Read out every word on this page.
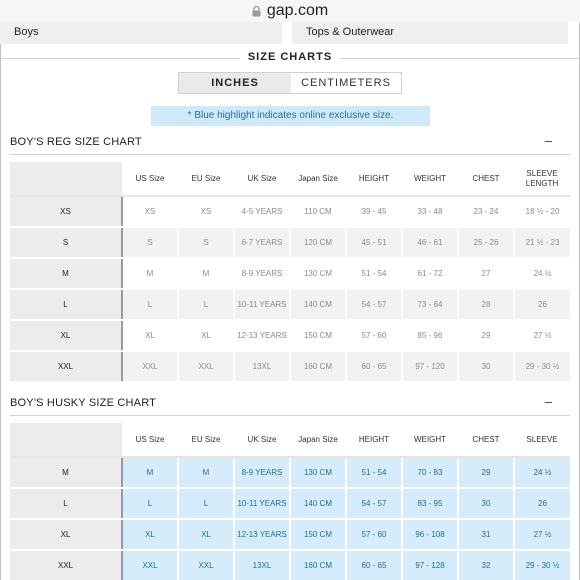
gap.com
Boys	Tops & Outerwear
SIZE CHARTS
INCHES	CENTIMETERS
* Blue highlight indicates online exclusive size.
BOY'S REG SIZE CHART	–
	US Size	EU Size	UK Size	Japan Size	HEIGHT	WEIGHT	CHEST	SLEEVE LENGTH
XS	XS	XS	4-5 YEARS	110 CM	39 - 45	33 - 48	23 - 24	18 ½ - 20
S	S	S	6-7 YEARS	120 CM	45 - 51	46 - 61	25 - 26	21 ½ - 23
M	M	M	8-9 YEARS	130 CM	51 - 54	61 - 72	27	24 ½
L	L	L	10-11 YEARS	140 CM	54 - 57	73 - 84	28	26
XL	XL	XL	12-13 YEARS	150 CM	57 - 60	85 - 96	29	27 ½
XXL	XXL	XXL	13XL	160 CM	60 - 65	97 - 120	30	29 - 30 ½
BOY'S HUSKY SIZE CHART	–
	US Size	EU Size	UK Size	Japan Size	HEIGHT	WEIGHT	CHEST	SLEEVE
M	M	M	8-9 YEARS	130 CM	51 - 54	70 - 83	29	24 ½
L	L	L	10-11 YEARS	140 CM	54 - 57	83 - 95	30	26
XL	XL	XL	12-13 YEARS	150 CM	57 - 60	96 - 108	31	27 ½
XXL	XXL	XXL	13XL	160 CM	60 - 65	97 - 128	32	29 - 30 ½
